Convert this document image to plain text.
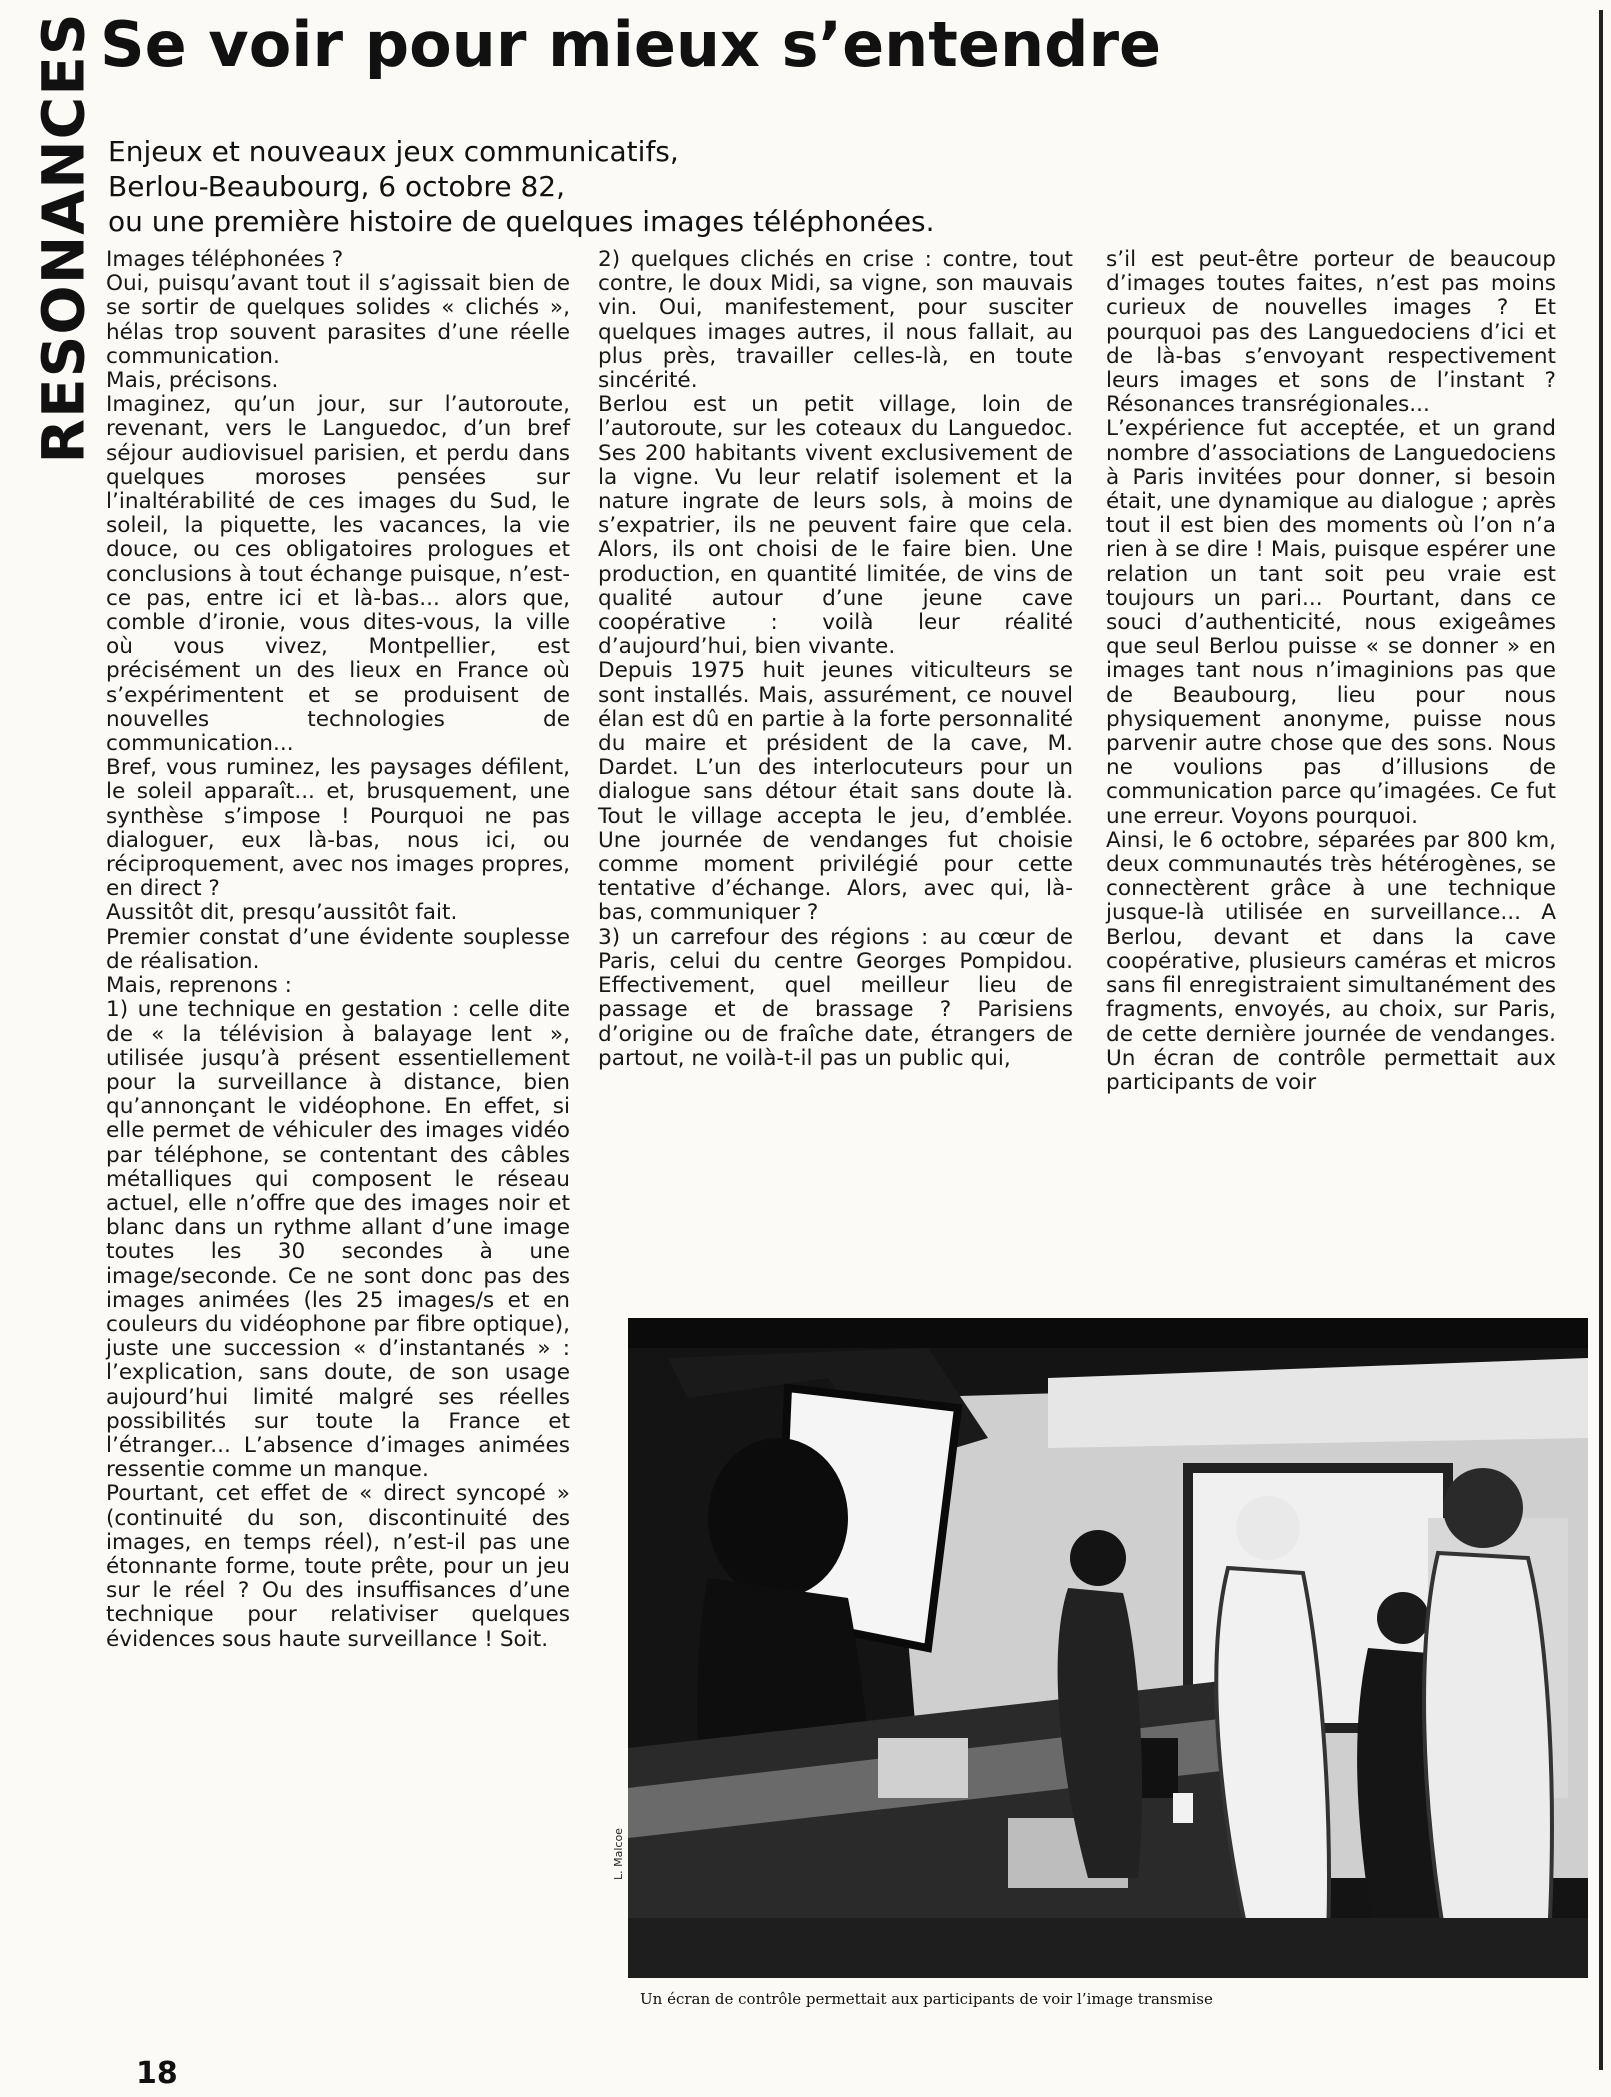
RESONANCES Se voir pour mieux s’entendre
Enjeux et nouveaux jeux communicatifs,
Berlou-Beaubourg, 6 octobre 82,
ou une première histoire de quelques images téléphonées.

Images téléphonées ?

Oui, puisqu’avant tout il s’agissait bien de se sortir de quelques solides « clichés », hélas trop souvent parasites d’une réelle communication.

Mais, précisons.

Imaginez, qu’un jour, sur l’autoroute, revenant, vers le Languedoc, d’un bref séjour audiovisuel parisien, et perdu dans quelques moroses pensées sur l’inaltérabilité de ces images du Sud, le soleil, la piquette, les vacances, la vie douce, ou ces obligatoires prologues et conclusions à tout échange puisque, n’est-ce pas, entre ici et là-bas... alors que, comble d’ironie, vous dites-vous, la ville où vous vivez, Montpellier, est précisément un des lieux en France où s’expérimentent et se produisent de nouvelles technologies de communication...

Bref, vous ruminez, les paysages défilent, le soleil apparaît... et, brusquement, une synthèse s’impose ! Pourquoi ne pas dialoguer, eux là-bas, nous ici, ou réciproquement, avec nos images propres, en direct ?

Aussitôt dit, presqu’aussitôt fait.

Premier constat d’une évidente souplesse de réalisation.

Mais, reprenons :

1) une technique en gestation : celle dite de « la télévision à balayage lent », utilisée jusqu’à présent essentiellement pour la surveillance à distance, bien qu’annonçant le vidéophone. En effet, si elle permet de véhiculer des images vidéo par téléphone, se contentant des câbles métalliques qui composent le réseau actuel, elle n’offre que des images noir et blanc dans un rythme allant d’une image toutes les 30 secondes à une image/seconde. Ce ne sont donc pas des images animées (les 25 images/s et en couleurs du vidéophone par fibre optique), juste une succession « d’instantanés » : l’explication, sans doute, de son usage aujourd’hui limité malgré ses réelles possibilités sur toute la France et l’étranger... L’absence d’images animées ressentie comme un manque.

Pourtant, cet effet de « direct syncopé » (continuité du son, discontinuité des images, en temps réel), n’est-il pas une étonnante forme, toute prête, pour un jeu sur le réel ? Ou des insuffisances d’une technique pour relativiser quelques évidences sous haute surveillance ! Soit.

2) quelques clichés en crise : contre, tout contre, le doux Midi, sa vigne, son mauvais vin. Oui, manifestement, pour susciter quelques images autres, il nous fallait, au plus près, travailler celles-là, en toute sincérité.

Berlou est un petit village, loin de l’autoroute, sur les coteaux du Languedoc. Ses 200 habitants vivent exclusivement de la vigne. Vu leur relatif isolement et la nature ingrate de leurs sols, à moins de s’expatrier, ils ne peuvent faire que cela. Alors, ils ont choisi de le faire bien. Une production, en quantité limitée, de vins de qualité autour d’une jeune cave coopérative : voilà leur réalité d’aujourd’hui, bien vivante.

Depuis 1975 huit jeunes viticulteurs se sont installés. Mais, assurément, ce nouvel élan est dû en partie à la forte personnalité du maire et président de la cave, M. Dardet. L’un des interlocuteurs pour un dialogue sans détour était sans doute là. Tout le village accepta le jeu, d’emblée. Une journée de vendanges fut choisie comme moment privilégié pour cette tentative d’échange. Alors, avec qui, là-bas, communiquer ?

3) un carrefour des régions : au cœur de Paris, celui du centre Georges Pompidou. Effectivement, quel meilleur lieu de passage et de brassage ? Parisiens d’origine ou de fraîche date, étrangers de partout, ne voilà-t-il pas un public qui,

s’il est peut-être porteur de beaucoup d’images toutes faites, n’est pas moins curieux de nouvelles images ? Et pourquoi pas des Languedociens d’ici et de là-bas s’envoyant respectivement leurs images et sons de l’instant ? Résonances transrégionales...

L’expérience fut acceptée, et un grand nombre d’associations de Languedociens à Paris invitées pour donner, si besoin était, une dynamique au dialogue ; après tout il est bien des moments où l’on n’a rien à se dire ! Mais, puisque espérer une relation un tant soit peu vraie est toujours un pari... Pourtant, dans ce souci d’authenticité, nous exigeâmes que seul Berlou puisse « se donner » en images tant nous n’imaginions pas que de Beaubourg, lieu pour nous physiquement anonyme, puisse nous parvenir autre chose que des sons. Nous ne voulions pas d’illusions de communication parce qu’imagées. Ce fut une erreur. Voyons pourquoi.

Ainsi, le 6 octobre, séparées par 800 km, deux communautés très hétérogènes, se connectèrent grâce à une technique jusque-là utilisée en surveillance... A Berlou, devant et dans la cave coopérative, plusieurs caméras et micros sans fil enregistraient simultanément des fragments, envoyés, au choix, sur Paris, de cette dernière journée de vendanges. Un écran de contrôle permettait aux participants de voir

L. Malcoe
Un écran de contrôle permettait aux participants de voir l’image transmise
18
